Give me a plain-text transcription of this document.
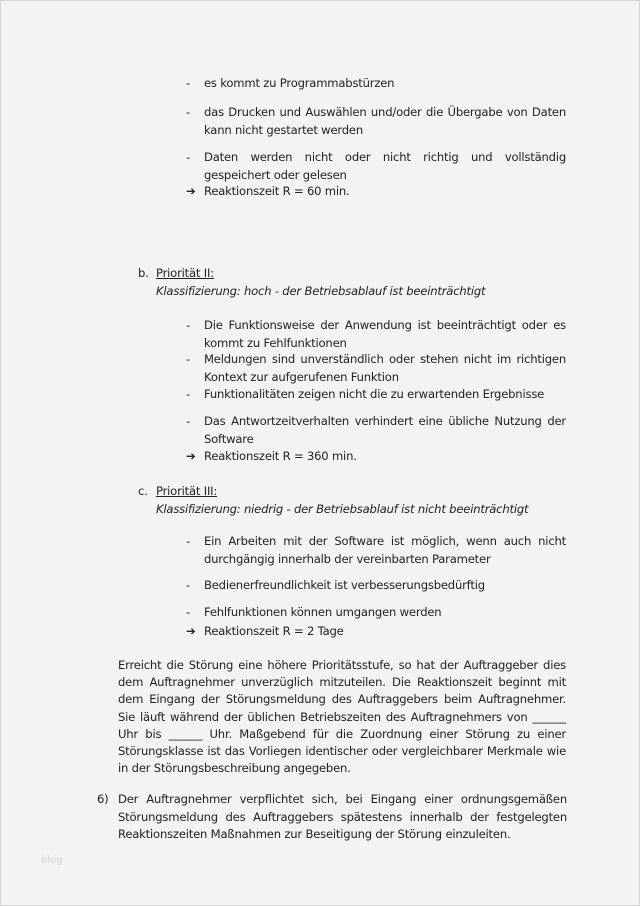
- es kommt zu Programmabstürzen
- das Drucken und Auswählen und/oder die Übergabe von Daten kann nicht gestartet werden
- Daten werden nicht oder nicht richtig und vollständig gespeichert oder gelesen
➔ Reaktionszeit R = 60 min.
b. Priorität II:
Klassifizierung: hoch - der Betriebsablauf ist beeinträchtigt
- Die Funktionsweise der Anwendung ist beeinträchtigt oder es kommt zu Fehlfunktionen
- Meldungen sind unverständlich oder stehen nicht im richtigen Kontext zur aufgerufenen Funktion
- Funktionalitäten zeigen nicht die zu erwartenden Ergebnisse
- Das Antwortzeitverhalten verhindert eine übliche Nutzung der Software
➔ Reaktionszeit R = 360 min.
c. Priorität III:
Klassifizierung: niedrig - der Betriebsablauf ist nicht beeinträchtigt
- Ein Arbeiten mit der Software ist möglich, wenn auch nicht durchgängig innerhalb der vereinbarten Parameter
- Bedienerfreundlichkeit ist verbesserungsbedürftig
- Fehlfunktionen können umgangen werden
➔ Reaktionszeit R = 2 Tage
Erreicht die Störung eine höhere Prioritätsstufe, so hat der Auftraggeber dies dem Auftragnehmer unverzüglich mitzuteilen. Die Reaktionszeit beginnt mit dem Eingang der Störungsmeldung des Auftraggebers beim Auftragnehmer. Sie läuft während der üblichen Betriebszeiten des Auftragnehmers von ______ Uhr bis ______ Uhr. Maßgebend für die Zuordnung einer Störung zu einer Störungsklasse ist das Vorliegen identischer oder vergleichbarer Merkmale wie in der Störungsbeschreibung angegeben.
6) Der Auftragnehmer verpflichtet sich, bei Eingang einer ordnungsgemäßen Störungsmeldung des Auftraggebers spätestens innerhalb der festgelegten Reaktionszeiten Maßnahmen zur Beseitigung der Störung einzuleiten.
blog
